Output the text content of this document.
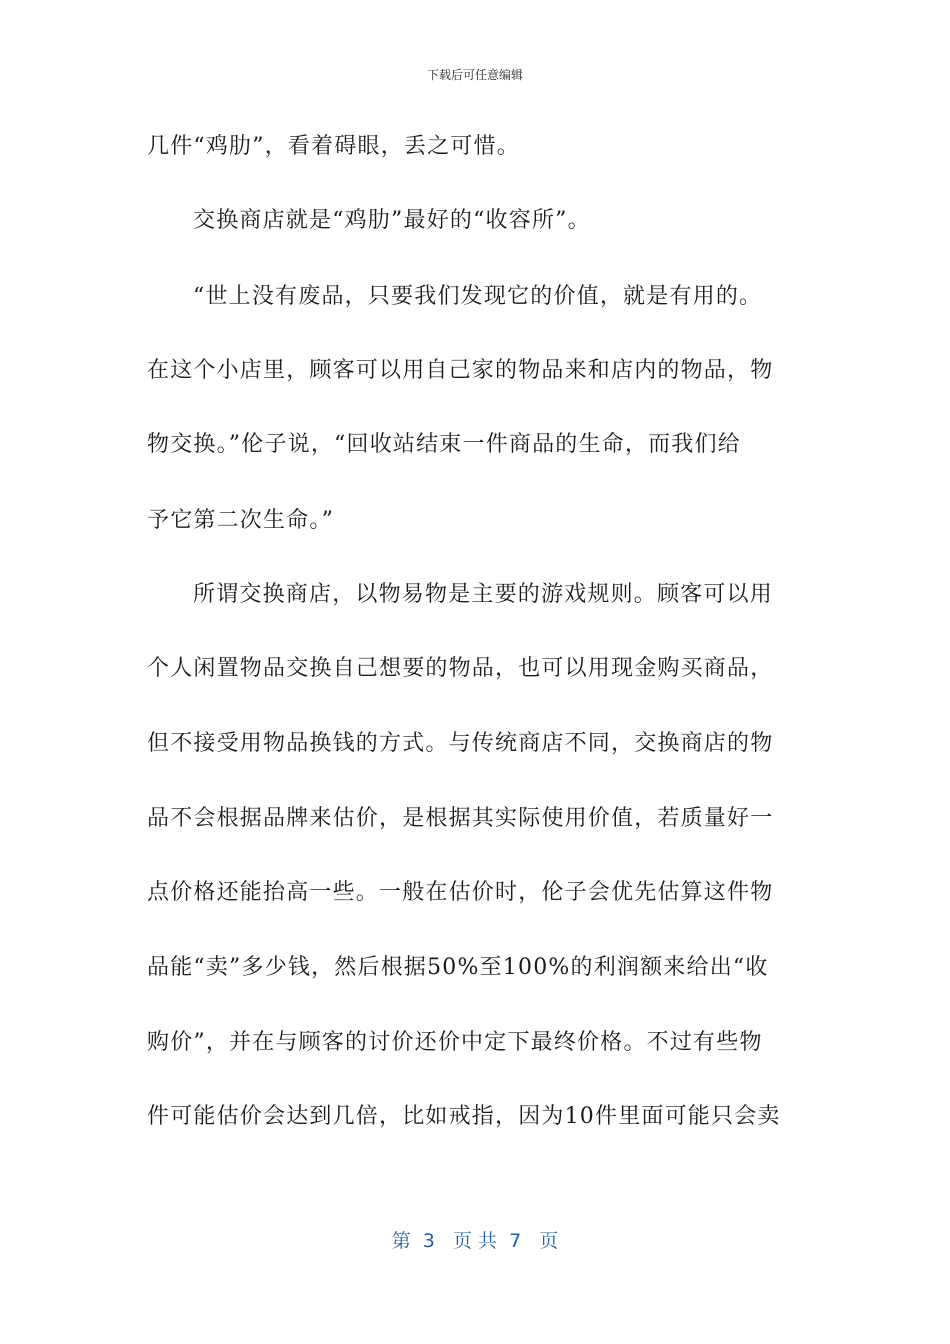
下载后可任意编辑
几件“鸡肋”，看着碍眼，丢之可惜。
交换商店就是“鸡肋”最好的“收容所”。
“世上没有废品，只要我们发现它的价值，就是有用的。
在这个小店里，顾客可以用自己家的物品来和店内的物品，物
物交换。”伦子说，“回收站结束一件商品的生命，而我们给
予它第二次生命。”
所谓交换商店，以物易物是主要的游戏规则。顾客可以用
个人闲置物品交换自己想要的物品，也可以用现金购买商品，
但不接受用物品换钱的方式。与传统商店不同，交换商店的物
品不会根据品牌来估价，是根据其实际使用价值，若质量好一
点价格还能抬高一些。一般在估价时，伦子会优先估算这件物
品能“卖”多少钱，然后根据50%至100%的利润额来给出“收
购价”，并在与顾客的讨价还价中定下最终价格。不过有些物
件可能估价会达到几倍，比如戒指，因为10件里面可能只会卖
第  3   页 共  7   页
